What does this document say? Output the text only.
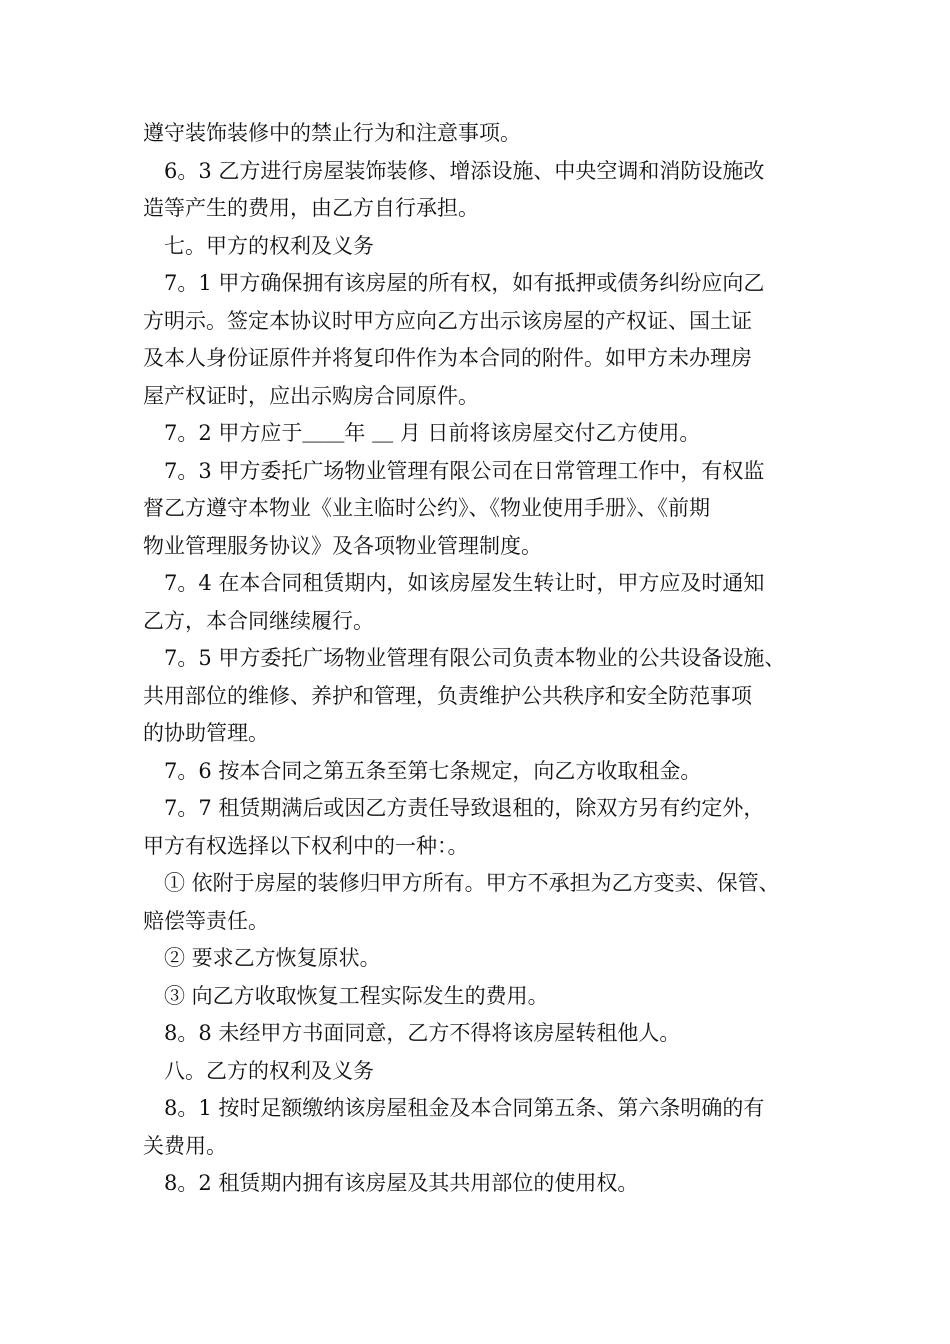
遵守装饰装修中的禁止行为和注意事项。

6。3 乙方进行房屋装饰装修、增添设施、中央空调和消防设施改

造等产生的费用，由乙方自行承担。

七。甲方的权利及义务

7。1 甲方确保拥有该房屋的所有权，如有抵押或债务纠纷应向乙

方明示。签定本协议时甲方应向乙方出示该房屋的产权证、国土证

及本人身份证原件并将复印件作为本合同的附件。如甲方未办理房

屋产权证时，应出示购房合同原件。

7。2 甲方应于＿＿年 ＿ 月 日前将该房屋交付乙方使用。

7。3 甲方委托广场物业管理有限公司在日常管理工作中，有权监

督乙方遵守本物业《业主临时公约》、《物业使用手册》、《前期

物业管理服务协议》及各项物业管理制度。

7。4 在本合同租赁期内，如该房屋发生转让时，甲方应及时通知

乙方，本合同继续履行。

7。5 甲方委托广场物业管理有限公司负责本物业的公共设备设施、

共用部位的维修、养护和管理，负责维护公共秩序和安全防范事项

的协助管理。

7。6 按本合同之第五条至第七条规定，向乙方收取租金。

7。7 租赁期满后或因乙方责任导致退租的，除双方另有约定外，

甲方有权选择以下权利中的一种：。

① 依附于房屋的装修归甲方所有。甲方不承担为乙方变卖、保管、

赔偿等责任。

② 要求乙方恢复原状。

③ 向乙方收取恢复工程实际发生的费用。

8。8 未经甲方书面同意，乙方不得将该房屋转租他人。

八。乙方的权利及义务

8。1 按时足额缴纳该房屋租金及本合同第五条、第六条明确的有

关费用。

8。2 租赁期内拥有该房屋及其共用部位的使用权。
